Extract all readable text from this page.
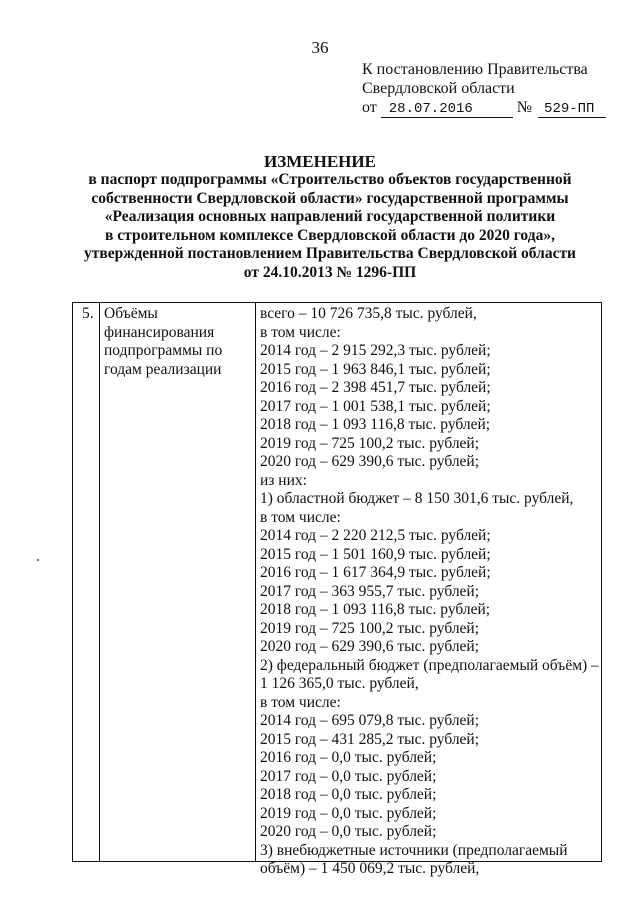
36
К постановлению Правительства
Свердловской области
от 28.07.2016	№ 529-ПП
ИЗМЕНЕНИЕ
в паспорт подпрограммы «Строительство объектов государственной
собственности Свердловской области» государственной программы
«Реализация основных направлений государственной политики
в строительном комплексе Свердловской области до 2020 года»,
утвержденной постановлением Правительства Свердловской области
от 24.10.2013 № 1296-ПП
5. Объёмы
финансирования
подпрограммы по
годам реализации
всего – 10 726 735,8 тыс. рублей,
в том числе:
2014 год – 2 915 292,3 тыс. рублей;
2015 год – 1 963 846,1 тыс. рублей;
2016 год – 2 398 451,7 тыс. рублей;
2017 год – 1 001 538,1 тыс. рублей;
2018 год – 1 093 116,8 тыс. рублей;
2019 год – 725 100,2 тыс. рублей;
2020 год – 629 390,6 тыс. рублей;
из них:
1) областной бюджет – 8 150 301,6 тыс. рублей,
в том числе:
2014 год – 2 220 212,5 тыс. рублей;
2015 год – 1 501 160,9 тыс. рублей;
2016 год – 1 617 364,9 тыс. рублей;
2017 год – 363 955,7 тыс. рублей;
2018 год – 1 093 116,8 тыс. рублей;
2019 год – 725 100,2 тыс. рублей;
2020 год – 629 390,6 тыс. рублей;
2) федеральный бюджет (предполагаемый объём) –
1 126 365,0 тыс. рублей,
в том числе:
2014 год – 695 079,8 тыс. рублей;
2015 год – 431 285,2 тыс. рублей;
2016 год – 0,0 тыс. рублей;
2017 год – 0,0 тыс. рублей;
2018 год – 0,0 тыс. рублей;
2019 год – 0,0 тыс. рублей;
2020 год – 0,0 тыс. рублей;
3) внебюджетные источники (предполагаемый
объём) – 1 450 069,2 тыс. рублей,
